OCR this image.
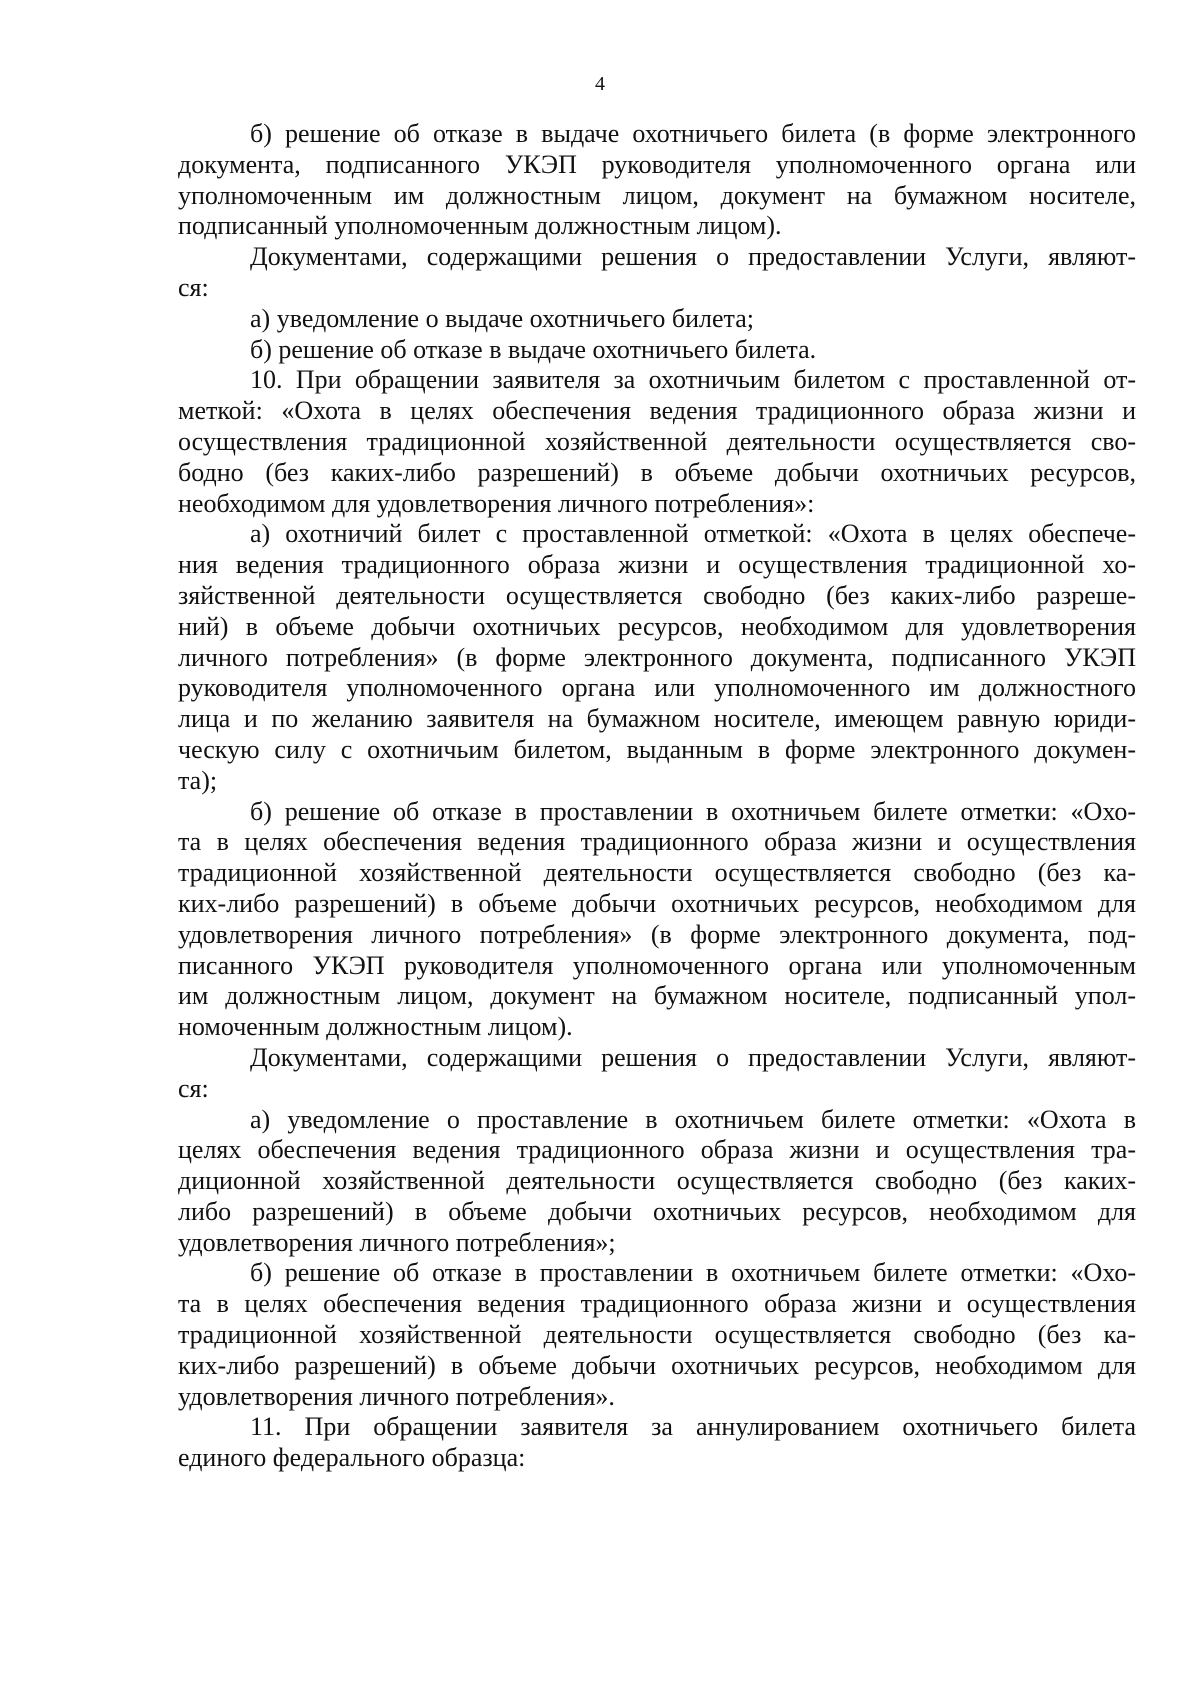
4
б) решение об отказе в выдаче охотничьего билета (в форме электронного
документа, подписанного УКЭП руководителя уполномоченного органа или
уполномоченным им должностным лицом, документ на бумажном носителе,
подписанный уполномоченным должностным лицом).
Документами, содержащими решения о предоставлении Услуги, являют-
ся:
а) уведомление о выдаче охотничьего билета;
б) решение об отказе в выдаче охотничьего билета.
10. При обращении заявителя за охотничьим билетом с проставленной от-
меткой: «Охота в целях обеспечения ведения традиционного образа жизни и
осуществления традиционной хозяйственной деятельности осуществляется сво-
бодно (без каких-либо разрешений) в объеме добычи охотничьих ресурсов,
необходимом для удовлетворения личного потребления»:
а) охотничий билет с проставленной отметкой: «Охота в целях обеспече-
ния ведения традиционного образа жизни и осуществления традиционной хо-
зяйственной деятельности осуществляется свободно (без каких-либо разреше-
ний) в объеме добычи охотничьих ресурсов, необходимом для удовлетворения
личного потребления» (в форме электронного документа, подписанного УКЭП
руководителя уполномоченного органа или уполномоченного им должностного
лица и по желанию заявителя на бумажном носителе, имеющем равную юриди-
ческую силу с охотничьим билетом, выданным в форме электронного докумен-
та);
б) решение об отказе в проставлении в охотничьем билете отметки: «Охо-
та в целях обеспечения ведения традиционного образа жизни и осуществления
традиционной хозяйственной деятельности осуществляется свободно (без ка-
ких-либо разрешений) в объеме добычи охотничьих ресурсов, необходимом для
удовлетворения личного потребления» (в форме электронного документа, под-
писанного УКЭП руководителя уполномоченного органа или уполномоченным
им должностным лицом, документ на бумажном носителе, подписанный упол-
номоченным должностным лицом).
Документами, содержащими решения о предоставлении Услуги, являют-
ся:
а) уведомление о проставление в охотничьем билете отметки: «Охота в
целях обеспечения ведения традиционного образа жизни и осуществления тра-
диционной хозяйственной деятельности осуществляется свободно (без каких-
либо разрешений) в объеме добычи охотничьих ресурсов, необходимом для
удовлетворения личного потребления»;
б) решение об отказе в проставлении в охотничьем билете отметки: «Охо-
та в целях обеспечения ведения традиционного образа жизни и осуществления
традиционной хозяйственной деятельности осуществляется свободно (без ка-
ких-либо разрешений) в объеме добычи охотничьих ресурсов, необходимом для
удовлетворения личного потребления».
11. При обращении заявителя за аннулированием охотничьего билета
единого федерального образца:
